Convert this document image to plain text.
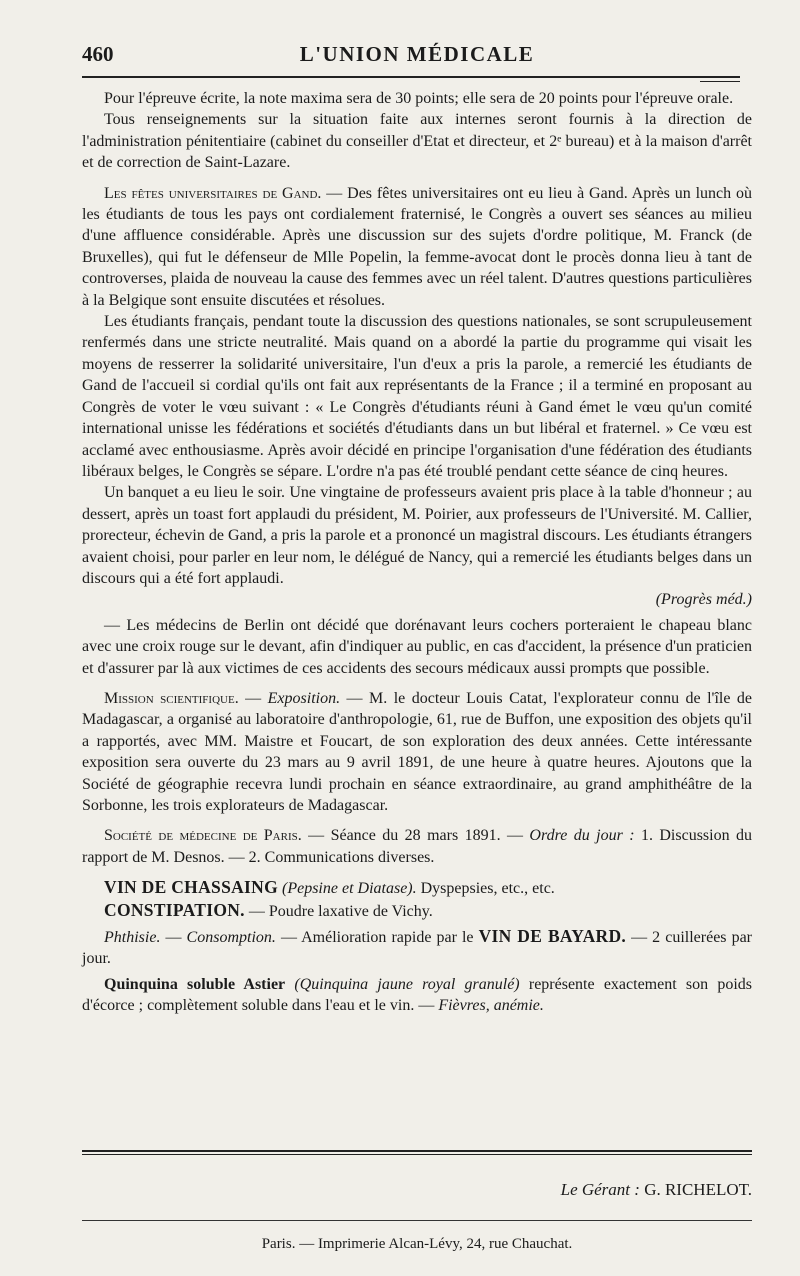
460	L'UNION MÉDICALE

Pour l'épreuve écrite, la note maxima sera de 30 points; elle sera de 20 points pour l'épreuve orale.

Tous renseignements sur la situation faite aux internes seront fournis à la direction de l'administration pénitentiaire (cabinet du conseiller d'Etat et directeur, et 2ᵉ bureau) et à la maison d'arrêt et de correction de Saint-Lazare.

Les fêtes universitaires de Gand. — Des fêtes universitaires ont eu lieu à Gand. Après un lunch où les étudiants de tous les pays ont cordialement fraternisé, le Congrès a ouvert ses séances au milieu d'une affluence considérable. Après une discussion sur des sujets d'ordre politique, M. Franck (de Bruxelles), qui fut le défenseur de Mlle Popelin, la femme-avocat dont le procès donna lieu à tant de controverses, plaida de nouveau la cause des femmes avec un réel talent. D'autres questions particulières à la Belgique sont ensuite discutées et résolues.

Les étudiants français, pendant toute la discussion des questions nationales, se sont scrupuleusement renfermés dans une stricte neutralité. Mais quand on a abordé la partie du programme qui visait les moyens de resserrer la solidarité universitaire, l'un d'eux a pris la parole, a remercié les étudiants de Gand de l'accueil si cordial qu'ils ont fait aux représentants de la France ; il a terminé en proposant au Congrès de voter le vœu suivant : « Le Congrès d'étudiants réuni à Gand émet le vœu qu'un comité international unisse les fédérations et sociétés d'étudiants dans un but libéral et fraternel. » Ce vœu est acclamé avec enthousiasme. Après avoir décidé en principe l'organisation d'une fédération des étudiants libéraux belges, le Congrès se sépare. L'ordre n'a pas été troublé pendant cette séance de cinq heures.

Un banquet a eu lieu le soir. Une vingtaine de professeurs avaient pris place à la table d'honneur ; au dessert, après un toast fort applaudi du président, M. Poirier, aux professeurs de l'Université. M. Callier, prorecteur, échevin de Gand, a pris la parole et a prononcé un magistral discours. Les étudiants étrangers avaient choisi, pour parler en leur nom, le délégué de Nancy, qui a remercié les étudiants belges dans un discours qui a été fort applaudi.
(Progrès méd.)

— Les médecins de Berlin ont décidé que dorénavant leurs cochers porteraient le chapeau blanc avec une croix rouge sur le devant, afin d'indiquer au public, en cas d'accident, la présence d'un praticien et d'assurer par là aux victimes de ces accidents des secours médicaux aussi prompts que possible.

Mission scientifique. — Exposition. — M. le docteur Louis Catat, l'explorateur connu de l'île de Madagascar, a organisé au laboratoire d'anthropologie, 61, rue de Buffon, une exposition des objets qu'il a rapportés, avec MM. Maistre et Foucart, de son exploration des deux années. Cette intéressante exposition sera ouverte du 23 mars au 9 avril 1891, de une heure à quatre heures. Ajoutons que la Société de géographie recevra lundi prochain en séance extraordinaire, au grand amphithéâtre de la Sorbonne, les trois explorateurs de Madagascar.

Société de médecine de Paris. — Séance du 28 mars 1891. — Ordre du jour : 1. Discussion du rapport de M. Desnos. — 2. Communications diverses.

VIN DE CHASSAING (Pepsine et Diatase). Dyspepsies, etc., etc.

CONSTIPATION. — Poudre laxative de Vichy.

Phthisie. — Consomption. — Amélioration rapide par le VIN DE BAYARD. — 2 cuillerées par jour.

Quinquina soluble Astier (Quinquina jaune royal granulé) représente exactement son poids d'écorce ; complètement soluble dans l'eau et le vin. — Fièvres, anémie.

Le Gérant : G. RICHELOT.
Paris. — Imprimerie Alcan-Lévy, 24, rue Chauchat.
